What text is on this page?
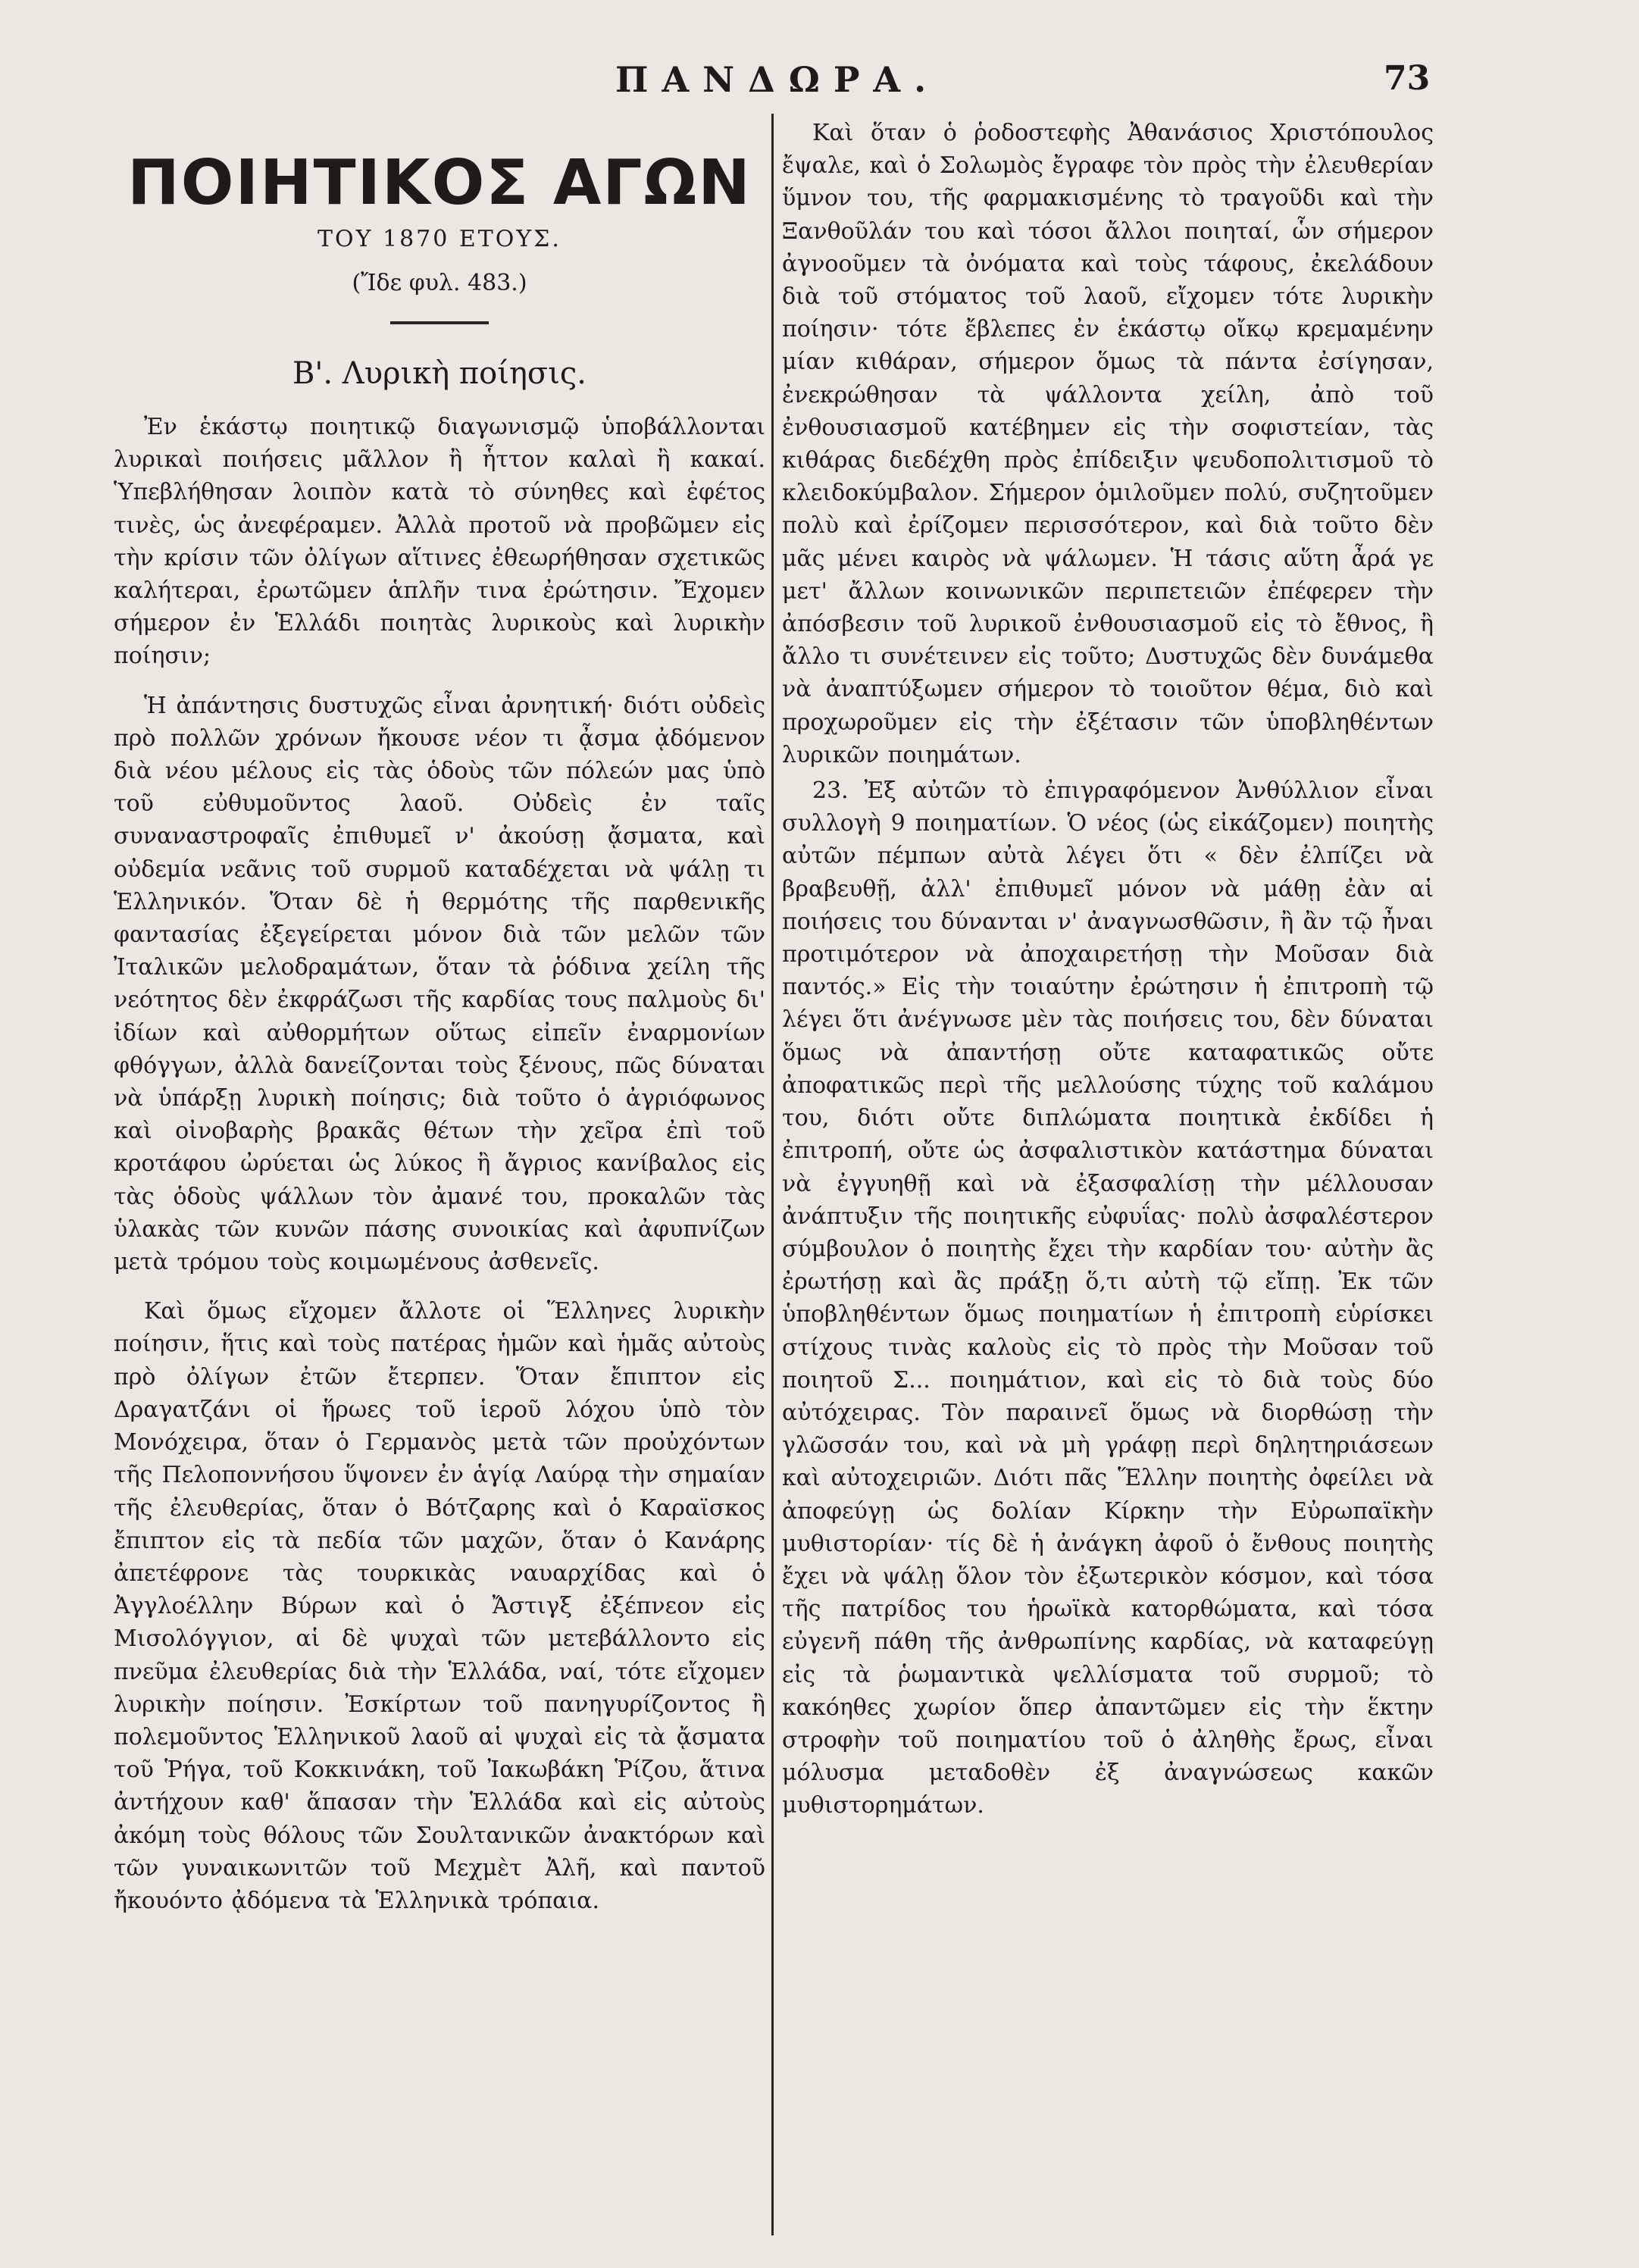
ΠΑΝΔΩΡΑ.	73
ΠΟΙΗΤΙΚΟΣ ΑΓΩΝ
ΤΟΥ 1870 ΕΤΟΥΣ.
(Ἴδε φυλ. 483.)
Β'. Λυρικὴ ποίησις.

Ἐν ἑκάστῳ ποιητικῷ διαγωνισμῷ ὑποβάλλονται λυρικαὶ ποιήσεις μᾶλλον ἢ ἧττον καλαὶ ἢ κακαί. Ὑπεβλήθησαν λοιπὸν κατὰ τὸ σύνηθες καὶ ἐφέτος τινὲς, ὡς ἀνεφέραμεν. Ἀλλὰ προτοῦ νὰ προβῶμεν εἰς τὴν κρίσιν τῶν ὀλίγων αἵτινες ἐθεωρήθησαν σχετικῶς καλήτεραι, ἐρωτῶμεν ἁπλῆν τινα ἐρώτησιν. Ἔχομεν σήμερον ἐν Ἑλλάδι ποιητὰς λυρικοὺς καὶ λυρικὴν ποίησιν;

Ἡ ἀπάντησις δυστυχῶς εἶναι ἀρνητική· διότι οὐδεὶς πρὸ πολλῶν χρόνων ἤκουσε νέον τι ᾆσμα ᾀδόμενον διὰ νέου μέλους εἰς τὰς ὁδοὺς τῶν πόλεών μας ὑπὸ τοῦ εὐθυμοῦντος λαοῦ. Οὐδεὶς ἐν ταῖς συναναστροφαῖς ἐπιθυμεῖ ν' ἀκούσῃ ᾄσματα, καὶ οὐδεμία νεᾶνις τοῦ συρμοῦ καταδέχεται νὰ ψάλῃ τι Ἑλληνικόν. Ὅταν δὲ ἡ θερμότης τῆς παρθενικῆς φαντασίας ἐξεγείρεται μόνον διὰ τῶν μελῶν τῶν Ἰταλικῶν μελοδραμάτων, ὅταν τὰ ῥόδινα χείλη τῆς νεότητος δὲν ἐκφράζωσι τῆς καρδίας τους παλμοὺς δι' ἰδίων καὶ αὐθορμήτων οὕτως εἰπεῖν ἐναρμονίων φθόγγων, ἀλλὰ δανείζονται τοὺς ξένους, πῶς δύναται νὰ ὑπάρξῃ λυρικὴ ποίησις; διὰ τοῦτο ὁ ἀγριόφωνος καὶ οἰνοβαρὴς βρακᾶς θέτων τὴν χεῖρα ἐπὶ τοῦ κροτάφου ὠρύεται ὡς λύκος ἢ ἄγριος κανίβαλος εἰς τὰς ὁδοὺς ψάλλων τὸν ἀμανέ του, προκαλῶν τὰς ὑλακὰς τῶν κυνῶν πάσης συνοικίας καὶ ἀφυπνίζων μετὰ τρόμου τοὺς κοιμωμένους ἀσθενεῖς.

Καὶ ὅμως εἴχομεν ἄλλοτε οἱ Ἕλληνες λυρικὴν ποίησιν, ἥτις καὶ τοὺς πατέρας ἡμῶν καὶ ἡμᾶς αὐτοὺς πρὸ ὀλίγων ἐτῶν ἔτερπεν. Ὅταν ἔπιπτον εἰς Δραγατζάνι οἱ ἥρωες τοῦ ἱεροῦ λόχου ὑπὸ τὸν Μονόχειρα, ὅταν ὁ Γερμανὸς μετὰ τῶν προὐχόντων τῆς Πελοποννήσου ὕψονεν ἐν ἁγίᾳ Λαύρᾳ τὴν σημαίαν τῆς ἐλευθερίας, ὅταν ὁ Βότζαρης καὶ ὁ Καραϊσκος ἔπιπτον εἰς τὰ πεδία τῶν μαχῶν, ὅταν ὁ Κανάρης ἀπετέφρονε τὰς τουρκικὰς ναυαρχίδας καὶ ὁ Ἀγγλοέλλην Βύρων καὶ ὁ Ἄστιγξ ἐξέπνεον εἰς Μισολόγγιον, αἱ δὲ ψυχαὶ τῶν μετεβάλλοντο εἰς πνεῦμα ἐλευθερίας διὰ τὴν Ἑλλάδα, ναί, τότε εἴχομεν λυρικὴν ποίησιν. Ἐσκίρτων τοῦ πανηγυρίζοντος ἢ πολεμοῦντος Ἑλληνικοῦ λαοῦ αἱ ψυχαὶ εἰς τὰ ᾄσματα τοῦ Ῥήγα, τοῦ Κοκκινάκη, τοῦ Ἰακωβάκη Ῥίζου, ἅτινα ἀντήχουν καθ' ἅπασαν τὴν Ἑλλάδα καὶ εἰς αὐτοὺς ἀκόμη τοὺς θόλους τῶν Σουλτανικῶν ἀνακτόρων καὶ τῶν γυναικωνιτῶν τοῦ Μεχμὲτ Ἀλῆ, καὶ παντοῦ ἤκουόντο ᾀδόμενα τὰ Ἑλληνικὰ τρόπαια.

Καὶ ὅταν ὁ ῥοδοστεφὴς Ἀθανάσιος Χριστόπουλος ἔψαλε, καὶ ὁ Σολωμὸς ἔγραφε τὸν πρὸς τὴν ἐλευθερίαν ὕμνον του, τῆς φαρμακισμένης τὸ τραγοῦδι καὶ τὴν Ξανθοῦλάν του καὶ τόσοι ἄλλοι ποιηταί, ὧν σήμερον ἀγνοοῦμεν τὰ ὀνόματα καὶ τοὺς τάφους, ἐκελάδουν διὰ τοῦ στόματος τοῦ λαοῦ, εἴχομεν τότε λυρικὴν ποίησιν· τότε ἔβλεπες ἐν ἑκάστῳ οἴκῳ κρεμαμένην μίαν κιθάραν, σήμερον ὅμως τὰ πάντα ἐσίγησαν, ἐνεκρώθησαν τὰ ψάλλοντα χείλη, ἀπὸ τοῦ ἐνθουσιασμοῦ κατέβημεν εἰς τὴν σοφιστείαν, τὰς κιθάρας διεδέχθη πρὸς ἐπίδειξιν ψευδοπολιτισμοῦ τὸ κλειδοκύμβαλον. Σήμερον ὁμιλοῦμεν πολύ, συζητοῦμεν πολὺ καὶ ἐρίζομεν περισσότερον, καὶ διὰ τοῦτο δὲν μᾶς μένει καιρὸς νὰ ψάλωμεν. Ἡ τάσις αὕτη ἆρά γε μετ' ἄλλων κοινωνικῶν περιπετειῶν ἐπέφερεν τὴν ἀπόσβεσιν τοῦ λυρικοῦ ἐνθουσιασμοῦ εἰς τὸ ἔθνος, ἢ ἄλλο τι συνέτεινεν εἰς τοῦτο; Δυστυχῶς δὲν δυνάμεθα νὰ ἀναπτύξωμεν σήμερον τὸ τοιοῦτον θέμα, διὸ καὶ προχωροῦμεν εἰς τὴν ἐξέτασιν τῶν ὑποβληθέντων λυρικῶν ποιημάτων.

23. Ἐξ αὐτῶν τὸ ἐπιγραφόμενον Ἀνθύλλιον εἶναι συλλογὴ 9 ποιηματίων. Ὁ νέος (ὡς εἰκάζομεν) ποιητὴς αὐτῶν πέμπων αὐτὰ λέγει ὅτι « δὲν ἐλπίζει νὰ βραβευθῇ, ἀλλ' ἐπιθυμεῖ μόνον νὰ μάθῃ ἐὰν αἱ ποιήσεις του δύνανται ν' ἀναγνωσθῶσιν, ἢ ἂν τῷ ἦναι προτιμότερον νὰ ἀποχαιρετήσῃ τὴν Μοῦσαν διὰ παντός.» Εἰς τὴν τοιαύτην ἐρώτησιν ἡ ἐπιτροπὴ τῷ λέγει ὅτι ἀνέγνωσε μὲν τὰς ποιήσεις του, δὲν δύναται ὅμως νὰ ἀπαντήσῃ οὔτε καταφατικῶς οὔτε ἀποφατικῶς περὶ τῆς μελλούσης τύχης τοῦ καλάμου του, διότι οὔτε διπλώματα ποιητικὰ ἐκδίδει ἡ ἐπιτροπή, οὔτε ὡς ἀσφαλιστικὸν κατάστημα δύναται νὰ ἐγγυηθῇ καὶ νὰ ἐξασφαλίσῃ τὴν μέλλουσαν ἀνάπτυξιν τῆς ποιητικῆς εὐφυΐας· πολὺ ἀσφαλέστερον σύμβουλον ὁ ποιητὴς ἔχει τὴν καρδίαν του· αὐτὴν ἂς ἐρωτήσῃ καὶ ἂς πράξῃ ὅ,τι αὐτὴ τῷ εἴπῃ. Ἐκ τῶν ὑποβληθέντων ὅμως ποιηματίων ἡ ἐπιτροπὴ εὑρίσκει στίχους τινὰς καλοὺς εἰς τὸ πρὸς τὴν Μοῦσαν τοῦ ποιητοῦ Σ... ποιημάτιον, καὶ εἰς τὸ διὰ τοὺς δύο αὐτόχειρας. Τὸν παραινεῖ ὅμως νὰ διορθώσῃ τὴν γλῶσσάν του, καὶ νὰ μὴ γράφῃ περὶ δηλητηριάσεων καὶ αὐτοχειριῶν. Διότι πᾶς Ἕλλην ποιητὴς ὀφείλει νὰ ἀποφεύγῃ ὡς δολίαν Κίρκην τὴν Εὐρωπαϊκὴν μυθιστορίαν· τίς δὲ ἡ ἀνάγκη ἀφοῦ ὁ ἔνθους ποιητὴς ἔχει νὰ ψάλῃ ὅλον τὸν ἐξωτερικὸν κόσμον, καὶ τόσα τῆς πατρίδος του ἡρωϊκὰ κατορθώματα, καὶ τόσα εὐγενῆ πάθη τῆς ἀνθρωπίνης καρδίας, νὰ καταφεύγῃ εἰς τὰ ῥωμαντικὰ ψελλίσματα τοῦ συρμοῦ; τὸ κακόηθες χωρίον ὅπερ ἀπαντῶμεν εἰς τὴν ἕκτην στροφὴν τοῦ ποιηματίου τοῦ ὁ ἀληθὴς ἔρως, εἶναι μόλυσμα μεταδοθὲν ἐξ ἀναγνώσεως κακῶν μυθιστορημάτων.
